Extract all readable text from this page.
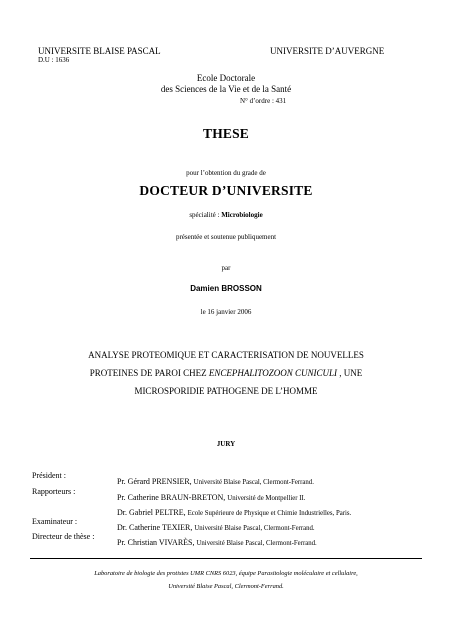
UNIVERSITE BLAISE PASCAL	UNIVERSITE D’AUVERGNE
D.U : 1636
Ecole Doctorale
des Sciences de la Vie et de la Santé
N° d’ordre : 431
THESE
pour l’obtention du grade de
DOCTEUR D’UNIVERSITE
spécialité : Microbiologie
présentée et soutenue publiquement
par
Damien BROSSON
le 16 janvier 2006
ANALYSE PROTEOMIQUE ET CARACTERISATION DE NOUVELLES
PROTEINES DE PAROI CHEZ ENCEPHALITOZOON CUNICULI , UNE
MICROSPORIDIE PATHOGENE DE L’HOMME
JURY
Président :
Pr. Gérard PRENSIER, Université Blaise Pascal, Clermont-Ferrand.
Rapporteurs :
Pr. Catherine BRAUN-BRETON, Université de Montpellier II.
Dr. Gabriel PELTRE, Ecole Supérieure de Physique et Chimie Industrielles, Paris.
Examinateur :
Dr. Catherine TEXIER, Université Blaise Pascal, Clermont-Ferrand.
Directeur de thèse :
Pr. Christian VIVARÈS, Université Blaise Pascal, Clermont-Ferrand.
Laboratoire de biologie des protistes UMR CNRS 6023, équipe Parasitologie moléculaire et cellulaire,
Université Blaise Pascal, Clermont-Ferrand.
